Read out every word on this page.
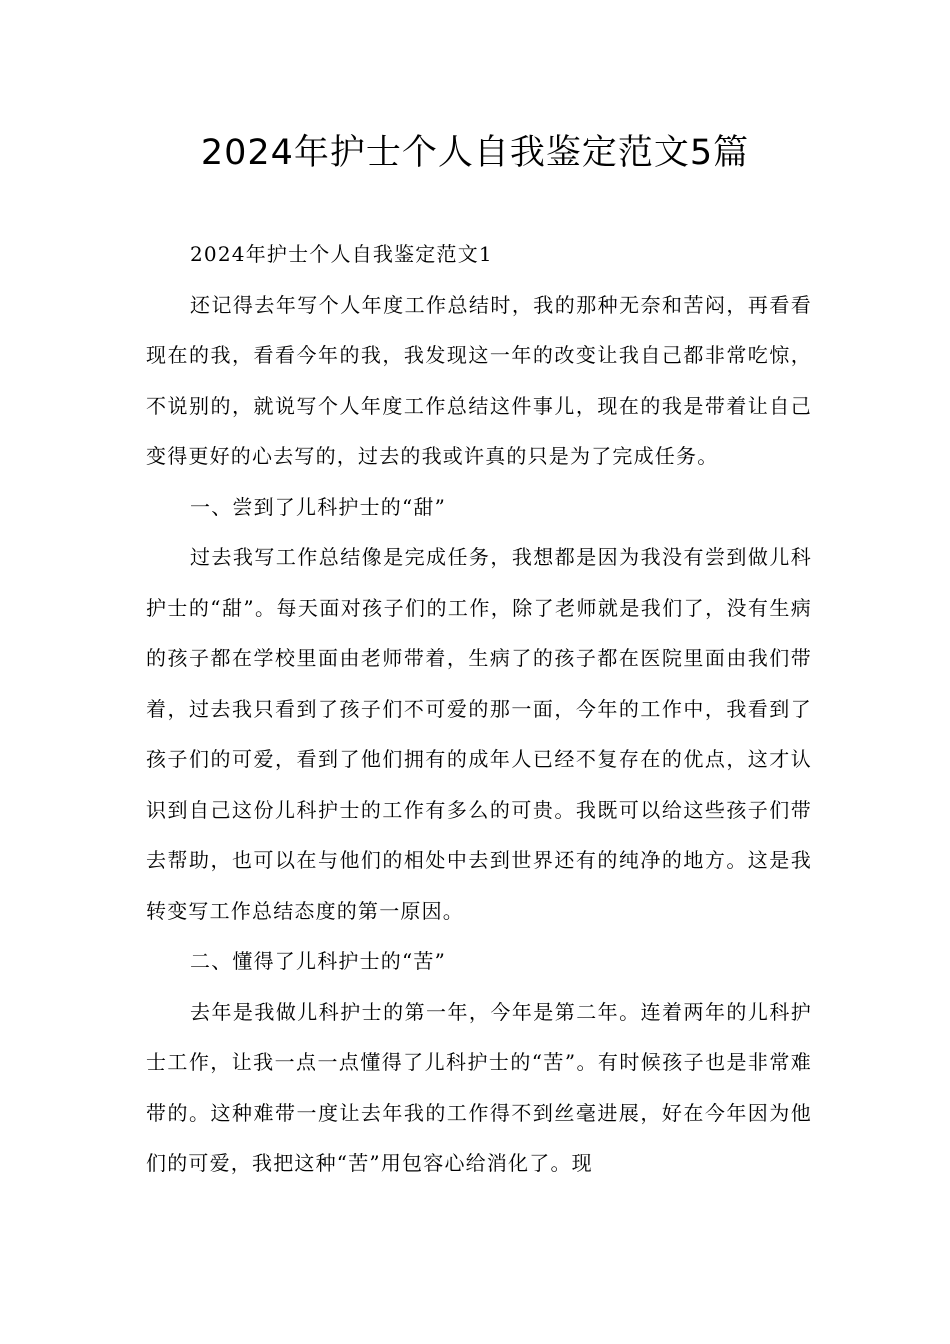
2024年护士个人自我鉴定范文5篇

2024年护士个人自我鉴定范文1

还记得去年写个人年度工作总结时，我的那种无奈和苦闷，再看看现在的我，看看今年的我，我发现这一年的改变让我自己都非常吃惊，不说别的，就说写个人年度工作总结这件事儿，现在的我是带着让自己变得更好的心去写的，过去的我或许真的只是为了完成任务。

一、尝到了儿科护士的“甜”

过去我写工作总结像是完成任务，我想都是因为我没有尝到做儿科护士的“甜”。每天面对孩子们的工作，除了老师就是我们了，没有生病的孩子都在学校里面由老师带着，生病了的孩子都在医院里面由我们带着，过去我只看到了孩子们不可爱的那一面，今年的工作中，我看到了孩子们的可爱，看到了他们拥有的成年人已经不复存在的优点，这才认识到自己这份儿科护士的工作有多么的可贵。我既可以给这些孩子们带去帮助，也可以在与他们的相处中去到世界还有的纯净的地方。这是我转变写工作总结态度的第一原因。

二、懂得了儿科护士的“苦”

去年是我做儿科护士的第一年，今年是第二年。连着两年的儿科护士工作，让我一点一点懂得了儿科护士的“苦”。有时候孩子也是非常难带的。这种难带一度让去年我的工作得不到丝毫进展，好在今年因为他们的可爱，我把这种“苦”用包容心给消化了。现
